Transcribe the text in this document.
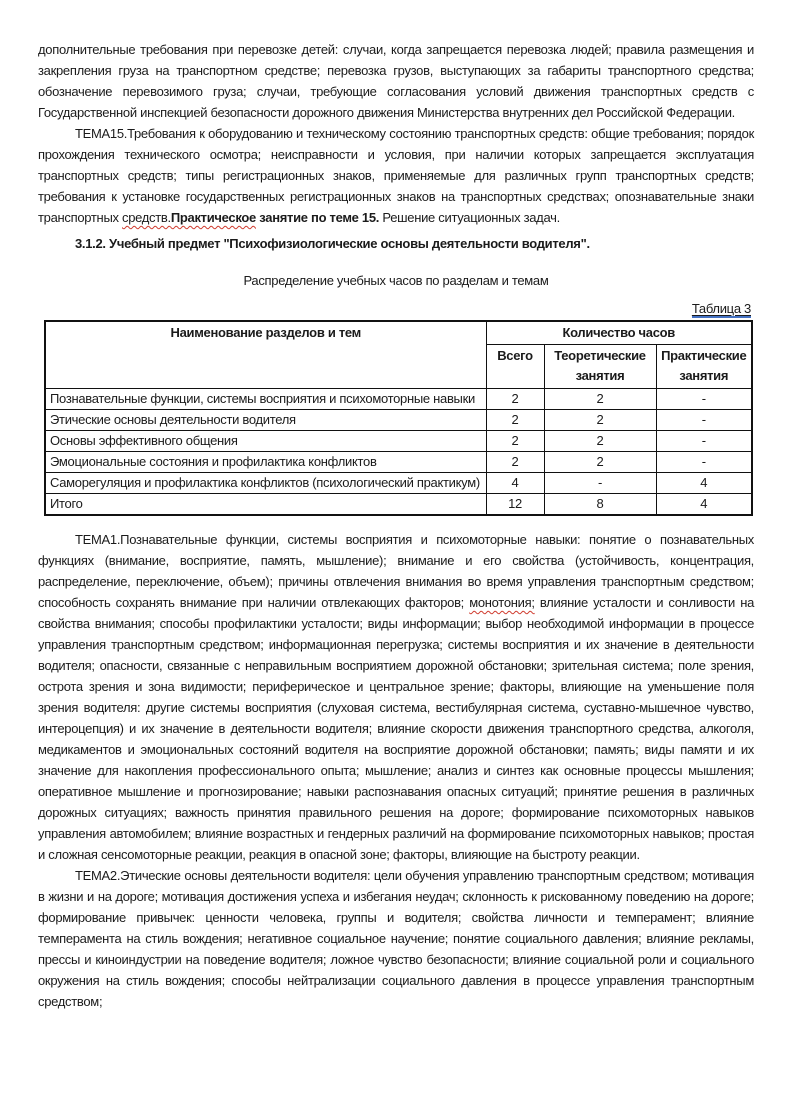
дополнительные требования при перевозке детей: случаи, когда запрещается перевозка людей; правила размещения и закрепления груза на транспортном средстве; перевозка грузов, выступающих за габариты транспортного средства; обозначение перевозимого груза; случаи, требующие согласования условий движения транспортных средств с Государственной инспекцией безопасности дорожного движения Министерства внутренних дел Российской Федерации.

ТЕМА15.Требования к оборудованию и техническому состоянию транспортных средств: общие требования; порядок прохождения технического осмотра; неисправности и условия, при наличии которых запрещается эксплуатация транспортных средств; типы регистрационных знаков, применяемые для различных групп транспортных средств; требования к установке государственных регистрационных знаков на транспортных средствах; опознавательные знаки транспортных средств.Практическое занятие по теме 15. Решение ситуационных задач.

3.1.2. Учебный предмет "Психофизиологические основы деятельности водителя".

Распределение учебных часов по разделам и темам

Таблица 3

Наименование разделов и тем	Количество часов		
	Всего	Теоретические занятия	Практические занятия
Познавательные функции, системы восприятия и психомоторные навыки	2	2	-
Этические основы деятельности водителя	2	2	-
Основы эффективного общения	2	2	-
Эмоциональные состояния и профилактика конфликтов	2	2	-
Саморегуляция и профилактика конфликтов (психологический практикум)	4	-	4
Итого	12	8	4

ТЕМА1.Познавательные функции, системы восприятия и психомоторные навыки: понятие о познавательных функциях (внимание, восприятие, память, мышление); внимание и его свойства (устойчивость, концентрация, распределение, переключение, объем); причины отвлечения внимания во время управления транспортным средством; способность сохранять внимание при наличии отвлекающих факторов; монотония; влияние усталости и сонливости на свойства внимания; способы профилактики усталости; виды информации; выбор необходимой информации в процессе управления транспортным средством; информационная перегрузка; системы восприятия и их значение в деятельности водителя; опасности, связанные с неправильным восприятием дорожной обстановки; зрительная система; поле зрения, острота зрения и зона видимости; периферическое и центральное зрение; факторы, влияющие на уменьшение поля зрения водителя: другие системы восприятия (слуховая система, вестибулярная система, суставно-мышечное чувство, интероцепция) и их значение в деятельности водителя; влияние скорости движения транспортного средства, алкоголя, медикаментов и эмоциональных состояний водителя на восприятие дорожной обстановки; память; виды памяти и их значение для накопления профессионального опыта; мышление; анализ и синтез как основные процессы мышления; оперативное мышление и прогнозирование; навыки распознавания опасных ситуаций; принятие решения в различных дорожных ситуациях; важность принятия правильного решения на дороге; формирование психомоторных навыков управления автомобилем; влияние возрастных и гендерных различий на формирование психомоторных навыков; простая и сложная сенсомоторные реакции, реакция в опасной зоне; факторы, влияющие на быстроту реакции.

ТЕМА2.Этические основы деятельности водителя: цели обучения управлению транспортным средством; мотивация в жизни и на дороге; мотивация достижения успеха и избегания неудач; склонность к рискованному поведению на дороге; формирование привычек: ценности человека, группы и водителя; свойства личности и темперамент; влияние темперамента на стиль вождения; негативное социальное научение; понятие социального давления; влияние рекламы, прессы и киноиндустрии на поведение водителя; ложное чувство безопасности; влияние социальной роли и социального окружения на стиль вождения; способы нейтрализации социального давления в процессе управления транспортным средством;
